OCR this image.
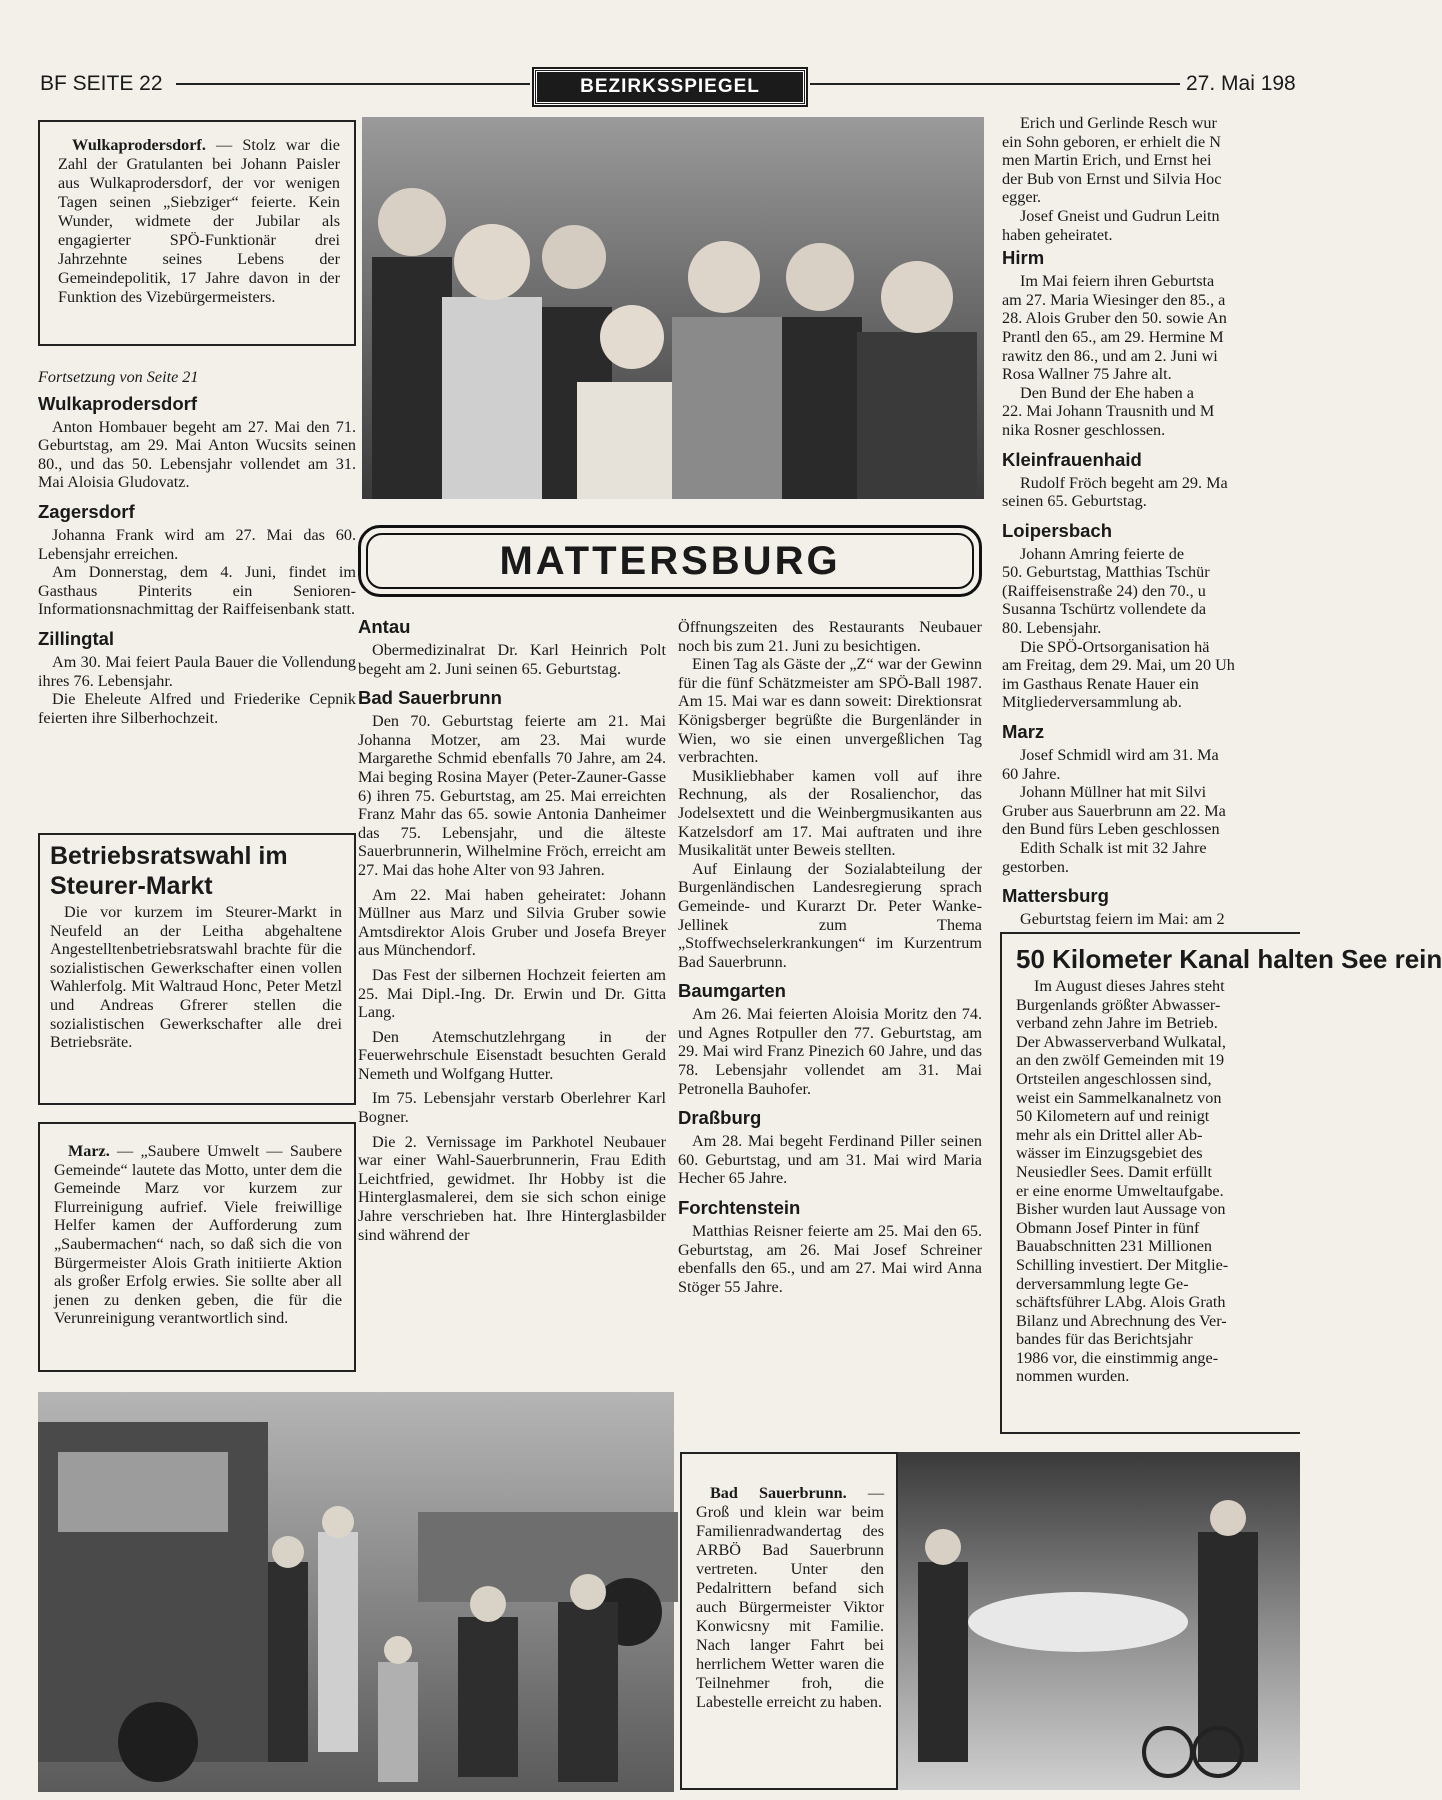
BF SEITE 22	BEZIRKSSPIEGEL	27. Mai 198

Wulkaprodersdorf. — Stolz war die Zahl der Gratulanten bei Johann Paisler aus Wulkaprodersdorf, der vor wenigen Tagen seinen „Siebziger“ feierte. Kein Wunder, widmete der Jubilar als engagierter SPÖ-Funktionär drei Jahrzehnte seines Lebens der Gemeindepolitik, 17 Jahre davon in der Funktion des Vizebürgermeisters.

Fortsetzung von Seite 21

Wulkaprodersdorf

Anton Hombauer begeht am 27. Mai den 71. Geburtstag, am 29. Mai Anton Wucsits seinen 80., und das 50. Lebensjahr vollendet am 31. Mai Aloisia Gludovatz.

Zagersdorf

Johanna Frank wird am 27. Mai das 60. Lebensjahr erreichen.

Am Donnerstag, dem 4. Juni, findet im Gasthaus Pinterits ein Senioren-Informationsnachmittag der Raiffeisenbank statt.

Zillingtal

Am 30. Mai feiert Paula Bauer die Vollendung ihres 76. Lebensjahr.

Die Eheleute Alfred und Friederike Cepnik feierten ihre Silberhochzeit.

Betriebsratswahl im Steurer-Markt

Die vor kurzem im Steurer-Markt in Neufeld an der Leitha abgehaltene Angestelltenbetriebsratswahl brachte für die sozialistischen Gewerkschafter einen vollen Wahlerfolg. Mit Waltraud Honc, Peter Metzl und Andreas Gfrerer stellen die sozialistischen Gewerkschafter alle drei Betriebsräte.

Marz. — „Saubere Umwelt — Saubere Gemeinde“ lautete das Motto, unter dem die Gemeinde Marz vor kurzem zur Flurreinigung aufrief. Viele freiwillige Helfer kamen der Aufforderung zum „Saubermachen“ nach, so daß sich die von Bürgermeister Alois Grath initiierte Aktion als großer Erfolg erwies. Sie sollte aber all jenen zu denken geben, die für die Verunreinigung verantwortlich sind.

MATTERSBURG
Antau

Obermedizinalrat Dr. Karl Heinrich Polt begeht am 2. Juni seinen 65. Geburtstag.

Bad Sauerbrunn

Den 70. Geburtstag feierte am 21. Mai Johanna Motzer, am 23. Mai wurde Margarethe Schmid ebenfalls 70 Jahre, am 24. Mai beging Rosina Mayer (Peter-Zauner-Gasse 6) ihren 75. Geburtstag, am 25. Mai erreichten Franz Mahr das 65. sowie Antonia Danheimer das 75. Lebensjahr, und die älteste Sauerbrunnerin, Wilhelmine Fröch, erreicht am 27. Mai das hohe Alter von 93 Jahren.

Am 22. Mai haben geheiratet: Johann Müllner aus Marz und Silvia Gruber sowie Amtsdirektor Alois Gruber und Josefa Breyer aus Münchendorf.

Das Fest der silbernen Hochzeit feierten am 25. Mai Dipl.-Ing. Dr. Erwin und Dr. Gitta Lang.

Den Atemschutzlehrgang in der Feuerwehrschule Eisenstadt besuchten Gerald Nemeth und Wolfgang Hutter.

Im 75. Lebensjahr verstarb Oberlehrer Karl Bogner.

Die 2. Vernissage im Parkhotel Neubauer war einer Wahl-Sauerbrunnerin, Frau Edith Leichtfried, gewidmet. Ihr Hobby ist die Hinterglasmalerei, dem sie sich schon einige Jahre verschrieben hat. Ihre Hinterglasbilder sind während der

Öffnungszeiten des Restaurants Neubauer noch bis zum 21. Juni zu besichtigen.

Einen Tag als Gäste der „Z“ war der Gewinn für die fünf Schätzmeister am SPÖ-Ball 1987. Am 15. Mai war es dann soweit: Direktionsrat Königsberger begrüßte die Burgenländer in Wien, wo sie einen unvergeßlichen Tag verbrachten.

Musikliebhaber kamen voll auf ihre Rechnung, als der Rosalienchor, das Jodelsextett und die Weinbergmusikanten aus Katzelsdorf am 17. Mai auftraten und ihre Musikalität unter Beweis stellten.

Auf Einlaung der Sozialabteilung der Burgenländischen Landesregierung sprach Gemeinde- und Kurarzt Dr. Peter Wanke-Jellinek zum Thema „Stoffwechselerkrankungen“ im Kurzentrum Bad Sauerbrunn.

Baumgarten

Am 26. Mai feierten Aloisia Moritz den 74. und Agnes Rotpuller den 77. Geburtstag, am 29. Mai wird Franz Pinezich 60 Jahre, und das 78. Lebensjahr vollendet am 31. Mai Petronella Bauhofer.

Draßburg

Am 28. Mai begeht Ferdinand Piller seinen 60. Geburtstag, und am 31. Mai wird Maria Hecher 65 Jahre.

Forchtenstein

Matthias Reisner feierte am 25. Mai den 65. Geburtstag, am 26. Mai Josef Schreiner ebenfalls den 65., und am 27. Mai wird Anna Stöger 55 Jahre.

Erich und Gerlinde Resch wur
ein Sohn geboren, er erhielt die N
men Martin Erich, und Ernst hei
der Bub von Ernst und Silvia Hoc
egger.
Josef Gneist und Gudrun Leitn
haben geheiratet.
Hirm
Im Mai feiern ihren Geburtsta
am 27. Maria Wiesinger den 85., a
28. Alois Gruber den 50. sowie An
Prantl den 65., am 29. Hermine M
rawitz den 86., und am 2. Juni wi
Rosa Wallner 75 Jahre alt.
Den Bund der Ehe haben a
22. Mai Johann Trausnith und M
nika Rosner geschlossen.
Kleinfrauenhaid
Rudolf Fröch begeht am 29. Ma
seinen 65. Geburtstag.
Loipersbach
Johann Amring feierte de
50. Geburtstag, Matthias Tschür
(Raiffeisenstraße 24) den 70., u
Susanna Tschürtz vollendete da
80. Lebensjahr.
Die SPÖ-Ortsorganisation hä
am Freitag, dem 29. Mai, um 20 Uh
im Gasthaus Renate Hauer ein
Mitgliederversammlung ab.
Marz
Josef Schmidl wird am 31. Ma
60 Jahre.
Johann Müllner hat mit Silvi
Gruber aus Sauerbrunn am 22. Ma
den Bund fürs Leben geschlossen
Edith Schalk ist mit 32 Jahre
gestorben.
Mattersburg
Geburtstag feiern im Mai: am 2
50 Kilometer Kanal halten See rein
Im August dieses Jahres steht
Burgenlands größter Abwasser-
verband zehn Jahre im Betrieb.
Der Abwasserverband Wulkatal,
an den zwölf Gemeinden mit 19
Ortsteilen angeschlossen sind,
weist ein Sammelkanalnetz von
50 Kilometern auf und reinigt
mehr als ein Drittel aller Ab-
wässer im Einzugsgebiet des
Neusiedler Sees. Damit erfüllt
er eine enorme Umweltaufgabe.
Bisher wurden laut Aussage von
Obmann Josef Pinter in fünf
Bauabschnitten 231 Millionen
Schilling investiert. Der Mitglie-
derversammlung legte Ge-
schäftsführer LAbg. Alois Grath
Bilanz und Abrechnung des Ver-
bandes für das Berichtsjahr
1986 vor, die einstimmig ange-
nommen wurden.

Bad Sauerbrunn. — Groß und klein war beim Familienradwandertag des ARBÖ Bad Sauerbrunn vertreten. Unter den Pedalrittern befand sich auch Bürgermeister Viktor Konwicsny mit Familie. Nach langer Fahrt bei herrlichem Wetter waren die Teilnehmer froh, die Labestelle erreicht zu haben.
